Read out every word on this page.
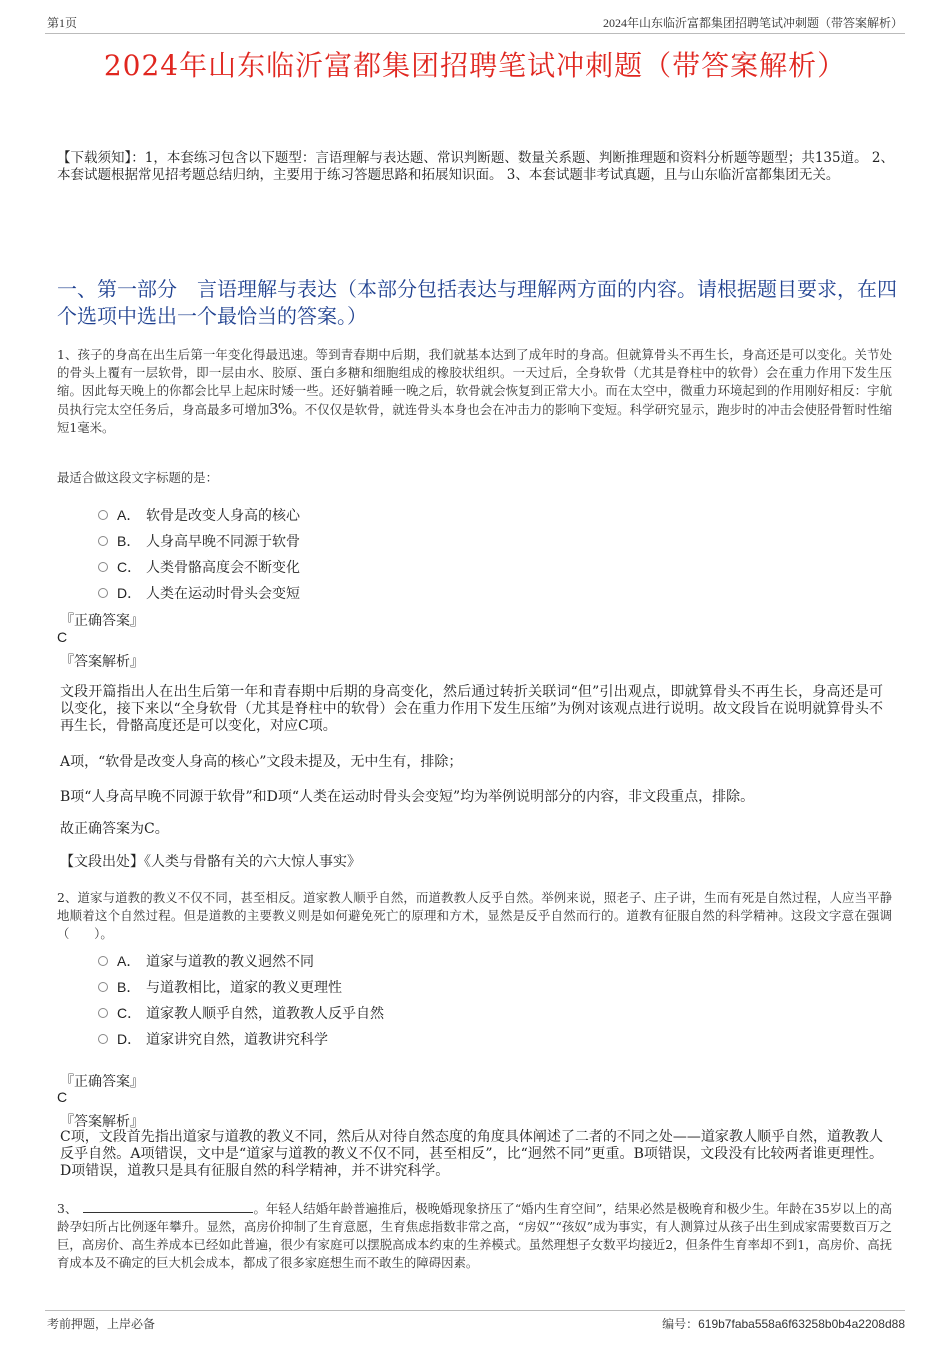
第1页	2024年山东临沂富都集团招聘笔试冲刺题（带答案解析）
2024年山东临沂富都集团招聘笔试冲刺题（带答案解析）
【下载须知】：1，本套练习包含以下题型：言语理解与表达题、常识判断题、数量关系题、判断推理题和资料分析题等题型；共135道。 2、本套试题根据常见招考题总结归纳，主要用于练习答题思路和拓展知识面。 3、本套试题非考试真题，且与山东临沂富都集团无关。
一、第一部分　言语理解与表达（本部分包括表达与理解两方面的内容。请根据题目要求，在四个选项中选出一个最恰当的答案。）
1、孩子的身高在出生后第一年变化得最迅速。等到青春期中后期，我们就基本达到了成年时的身高。但就算骨头不再生长，身高还是可以变化。关节处的骨头上覆有一层软骨，即一层由水、胶原、蛋白多糖和细胞组成的橡胶状组织。一天过后，全身软骨（尤其是脊柱中的软骨）会在重力作用下发生压缩。因此每天晚上的你都会比早上起床时矮一些。还好躺着睡一晚之后，软骨就会恢复到正常大小。而在太空中，微重力环境起到的作用刚好相反：宇航员执行完太空任务后，身高最多可增加3%。不仅仅是软骨，就连骨头本身也会在冲击力的影响下变短。科学研究显示，跑步时的冲击会使胫骨暂时性缩短1毫米。
最适合做这段文字标题的是：
A． 软骨是改变人身高的核心
B． 人身高早晚不同源于软骨
C． 人类骨骼高度会不断变化
D． 人类在运动时骨头会变短
『正确答案』
C
『答案解析』
文段开篇指出人在出生后第一年和青春期中后期的身高变化，然后通过转折关联词“但”引出观点，即就算骨头不再生长，身高还是可以变化，接下来以“全身软骨（尤其是脊柱中的软骨）会在重力作用下发生压缩”为例对该观点进行说明。故文段旨在说明就算骨头不再生长，骨骼高度还是可以变化，对应C项。
A项，“软骨是改变人身高的核心”文段未提及，无中生有，排除；
B项“人身高早晚不同源于软骨”和D项“人类在运动时骨头会变短”均为举例说明部分的内容，非文段重点，排除。
故正确答案为C。
【文段出处】《人类与骨骼有关的六大惊人事实》
2、道家与道教的教义不仅不同，甚至相反。道家教人顺乎自然，而道教教人反乎自然。举例来说，照老子、庄子讲，生而有死是自然过程，人应当平静地顺着这个自然过程。但是道教的主要教义则是如何避免死亡的原理和方术，显然是反乎自然而行的。道教有征服自然的科学精神。这段文字意在强调（　　）。
A． 道家与道教的教义迥然不同
B． 与道教相比，道家的教义更理性
C． 道家教人顺乎自然，道教教人反乎自然
D． 道家讲究自然，道教讲究科学
『正确答案』
C
『答案解析』
C项，文段首先指出道家与道教的教义不同，然后从对待自然态度的角度具体阐述了二者的不同之处——道家教人顺乎自然，道教教人反乎自然。A项错误，文中是“道家与道教的教义不仅不同，甚至相反”，比“迥然不同”更重。B项错误，文段没有比较两者谁更理性。D项错误，道教只是具有征服自然的科学精神，并不讲究科学。
3、	。年轻人结婚年龄普遍推后，极晚婚现象挤压了“婚内生育空间”，结果必然是极晚育和极少生。年龄在35岁以上的高龄孕妇所占比例逐年攀升。显然，高房价抑制了生育意愿，生育焦虑指数非常之高，“房奴”“孩奴”成为事实，有人测算过从孩子出生到成家需要数百万之巨，高房价、高生养成本已经如此普遍，很少有家庭可以摆脱高成本约束的生养模式。虽然理想子女数平均接近2，但条件生育率却不到1，高房价、高抚育成本及不确定的巨大机会成本，都成了很多家庭想生而不敢生的障碍因素。
考前押题，上岸必备	编号：619b7faba558a6f63258b0b4a2208d88
